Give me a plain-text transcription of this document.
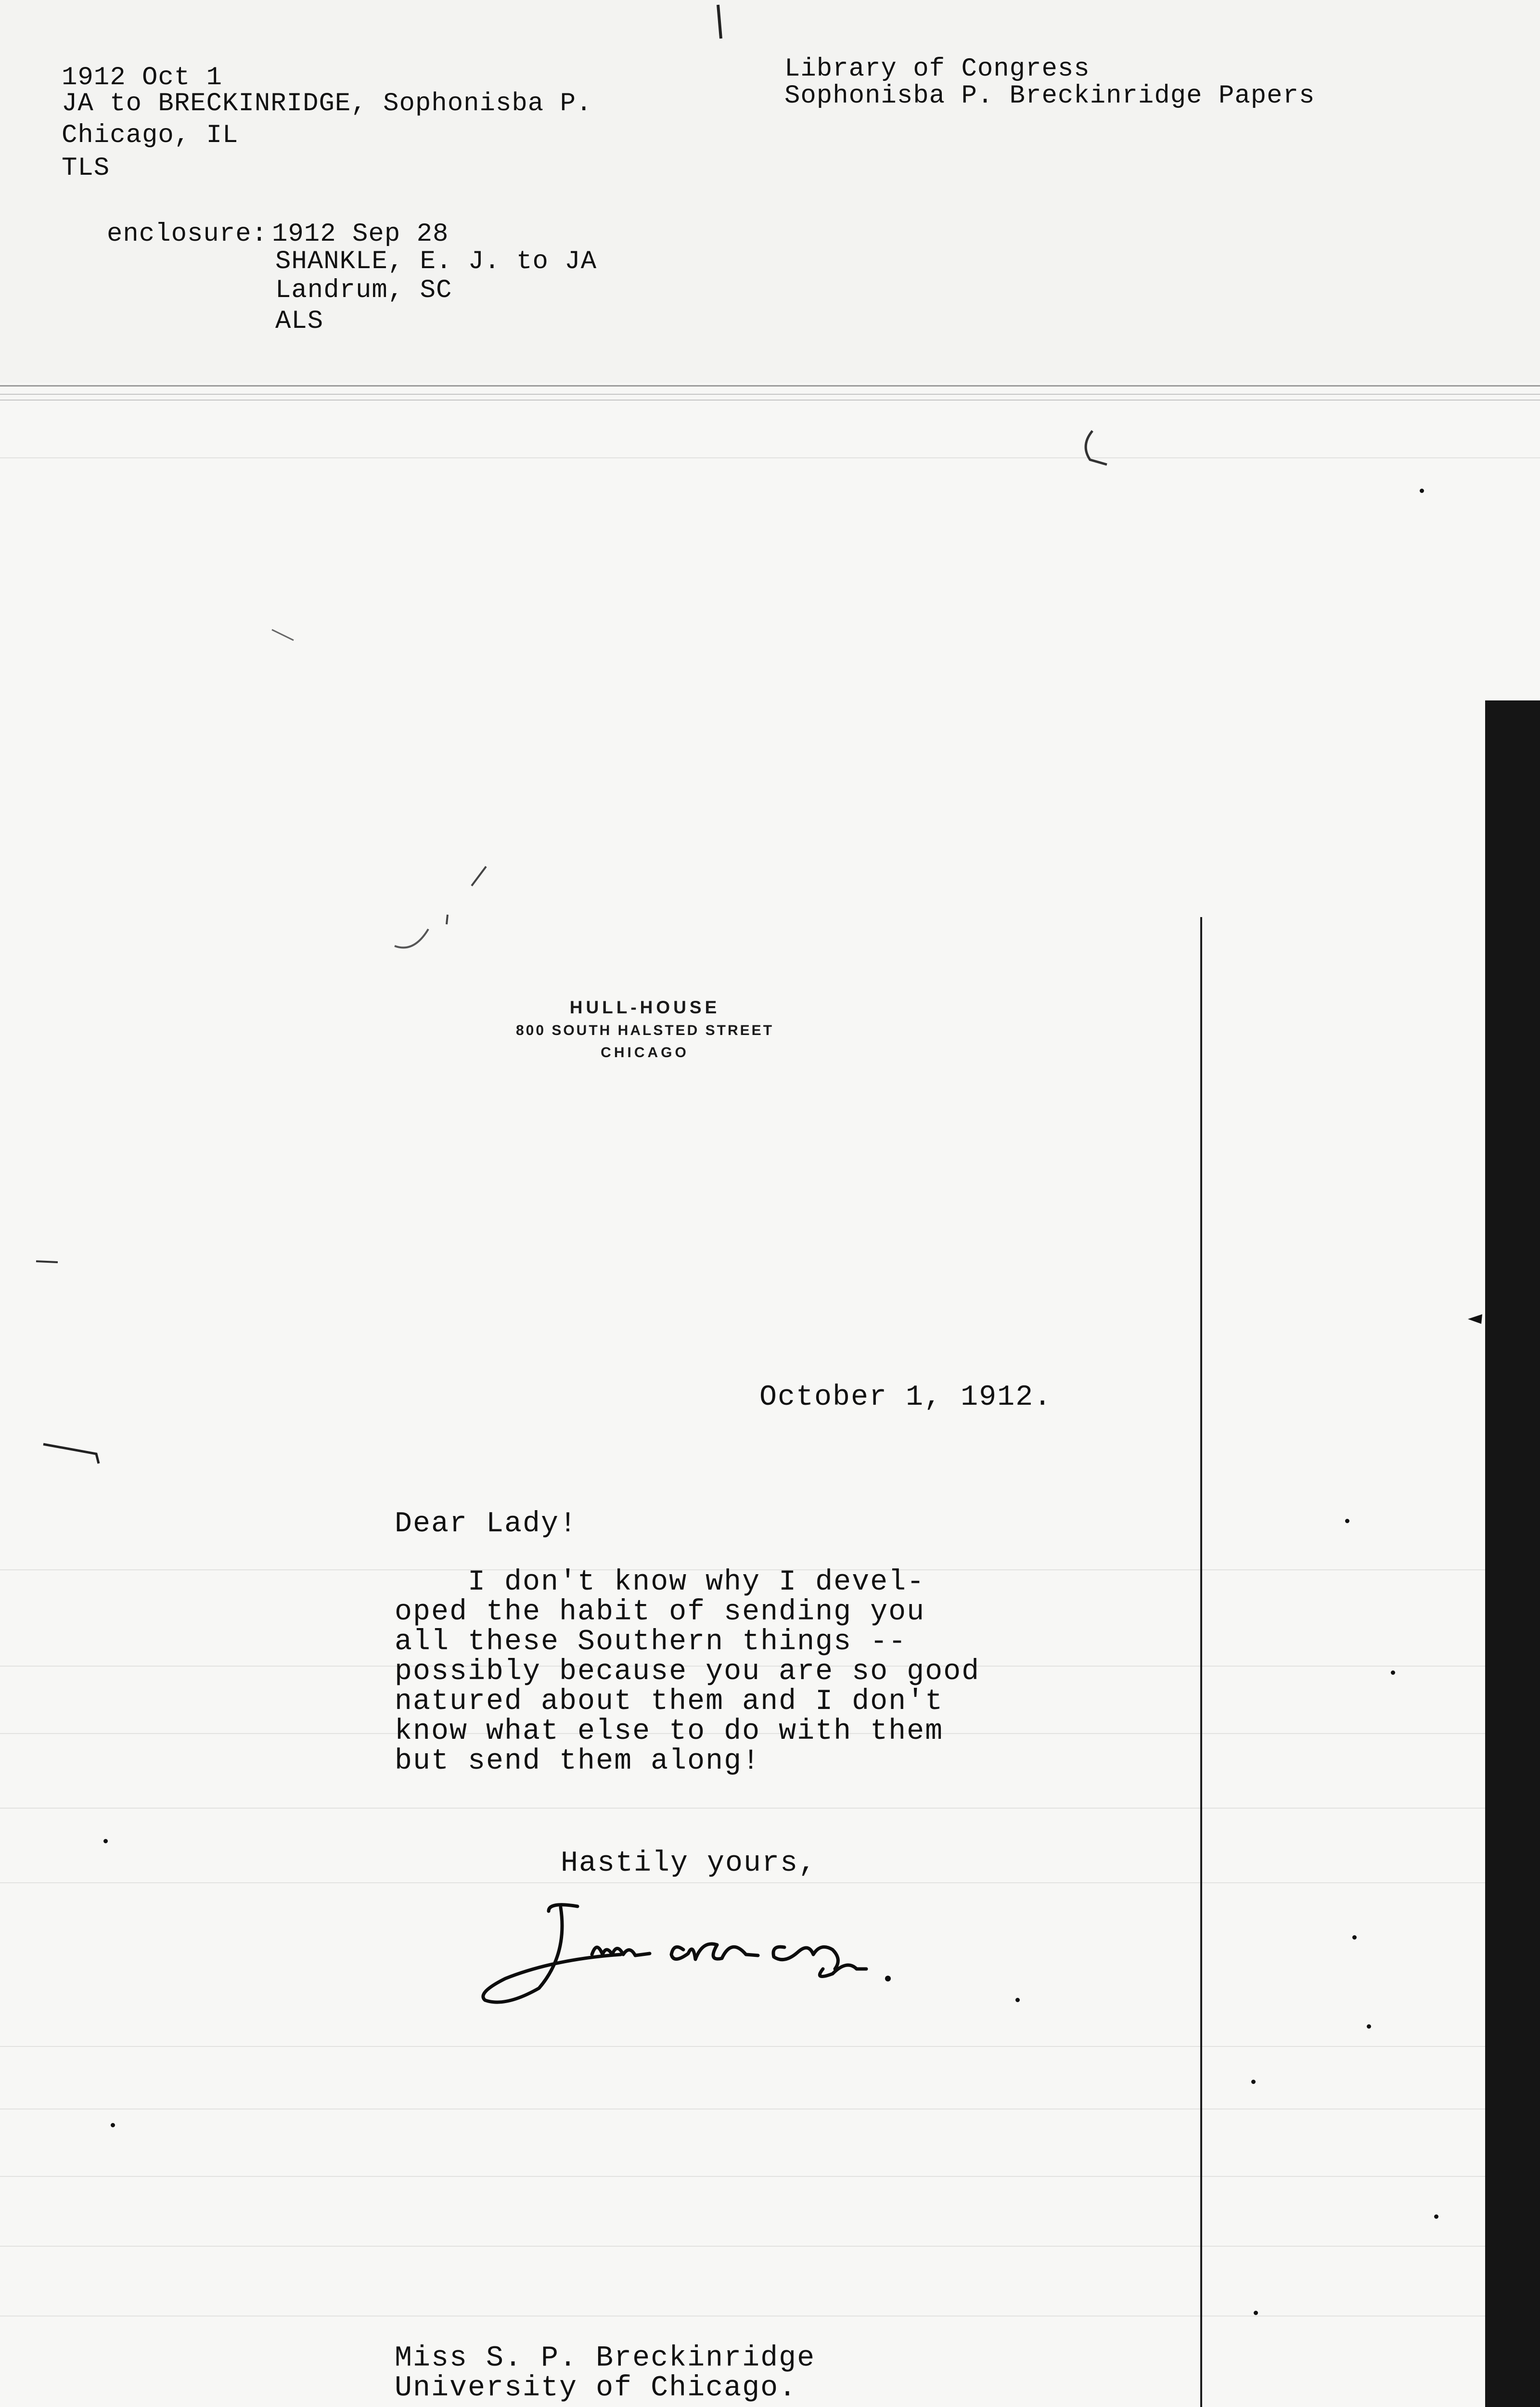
1912 Oct 1
JA to BRECKINRIDGE, Sophonisba P.
Chicago, IL
TLS
Library of Congress
Sophonisba P. Breckinridge Papers
enclosure: 1912 Sep 28
SHANKLE, E. J. to JA
Landrum, SC
ALS
HULL-HOUSE
800 SOUTH HALSTED STREET
CHICAGO
October 1, 1912.
Dear Lady!
I don't know why I devel-
oped the habit of sending you
all these Southern things --
possibly because you are so good
natured about them and I don't
know what else to do with them
but send them along!
Hastily yours,
Miss S. P. Breckinridge
University of Chicago.
